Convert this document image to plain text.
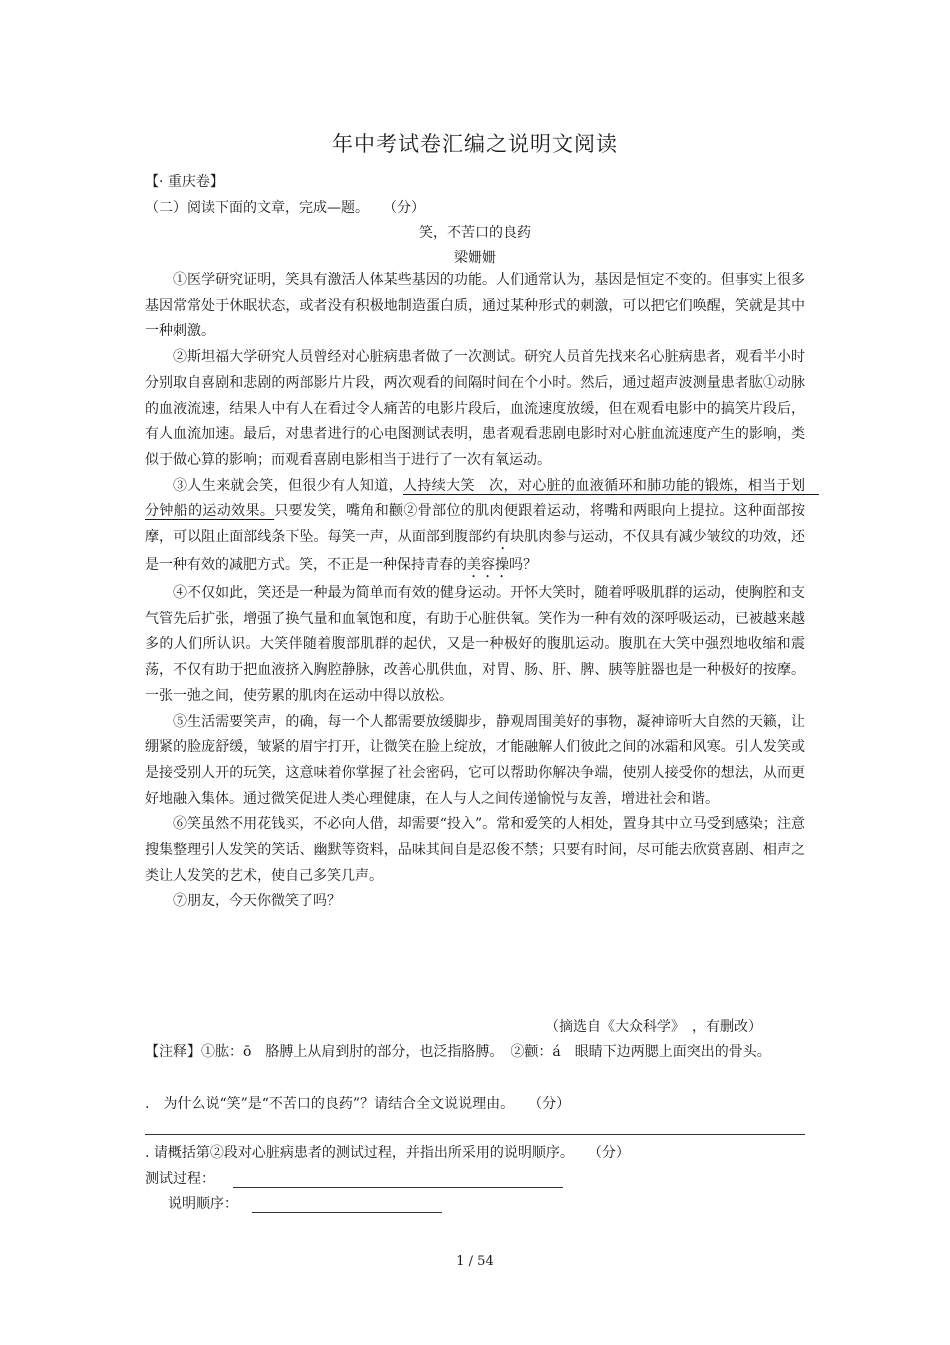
年中考试卷汇编之说明文阅读
【· 重庆卷】
（二）阅读下面的文章，完成—题。　　（分）
笑，不苦口的良药
梁姗姗

①医学研究证明，笑具有激活人体某些基因的功能。人们通常认为，基因是恒定不变的。但事实上很多基因常常处于休眠状态，或者没有积极地制造蛋白质，通过某种形式的刺激，可以把它们唤醒，笑就是其中一种刺激。

②斯坦福大学研究人员曾经对心脏病患者做了一次测试。研究人员首先找来名心脏病患者，观看半小时分别取自喜剧和悲剧的两部影片片段，两次观看的间隔时间在个小时。然后，通过超声波测量患者肱①动脉的血液流速，结果人中有人在看过令人痛苦的电影片段后，血流速度放缓，但在观看电影中的搞笑片段后，有人血流加速。最后，对患者进行的心电图测试表明，患者观看悲剧电影时对心脏血流速度产生的影响，类似于做心算的影响；而观看喜剧电影相当于进行了一次有氧运动。

③人生来就会笑，但很少有人知道，人持续大笑　次，对心脏的血液循环和肺功能的锻炼，相当于划　分钟船的运动效果。只要发笑，嘴角和颧②骨部位的肌肉便跟着运动，将嘴和两眼向上提拉。这种面部按摩，可以阻止面部线条下坠。每笑一声，从面部到腹部约有块肌肉参与运动，不仅具有减少皱纹的功效，还是一种有效的减肥方式。笑，不正是一种保持青春的美容操吗？

④不仅如此，笑还是一种最为简单而有效的健身运动。开怀大笑时，随着呼吸肌群的运动，使胸腔和支气管先后扩张，增强了换气量和血氧饱和度，有助于心脏供氧。笑作为一种有效的深呼吸运动，已被越来越多的人们所认识。大笑伴随着腹部肌群的起伏，又是一种极好的腹肌运动。腹肌在大笑中强烈地收缩和震荡，不仅有助于把血液挤入胸腔静脉，改善心肌供血，对胃、肠、肝、脾、胰等脏器也是一种极好的按摩。一张一弛之间，使劳累的肌肉在运动中得以放松。

⑤生活需要笑声，的确，每一个人都需要放缓脚步，静观周围美好的事物，凝神谛听大自然的天籁，让绷紧的脸庞舒缓，皱紧的眉宇打开，让微笑在脸上绽放，才能融解人们彼此之间的冰霜和风寒。引人发笑或是接受别人开的玩笑，这意味着你掌握了社会密码，它可以帮助你解决争端，使别人接受你的想法，从而更好地融入集体。通过微笑促进人类心理健康，在人与人之间传递愉悦与友善，增进社会和谐。

⑥笑虽然不用花钱买，不必向人借，却需要“投入”。常和爱笑的人相处，置身其中立马受到感染；注意搜集整理引人发笑的笑话、幽默等资料，品味其间自是忍俊不禁；只要有时间，尽可能去欣赏喜剧、相声之类让人发笑的艺术，使自己多笑几声。

⑦朋友，今天你微笑了吗？

（摘选自《大众科学》　，有删改）
【注释】①肱：ō　胳膊上从肩到肘的部分，也泛指胳膊。　②颧：á　眼睛下边两腮上面突出的骨头。
.　为什么说“笑”是“不苦口的良药”？请结合全文说说理由。　　（分）
. 请概括第②段对心脏病患者的测试过程，并指出所采用的说明顺序。　　（分）
测试过程：
说明顺序：
1 / 54
